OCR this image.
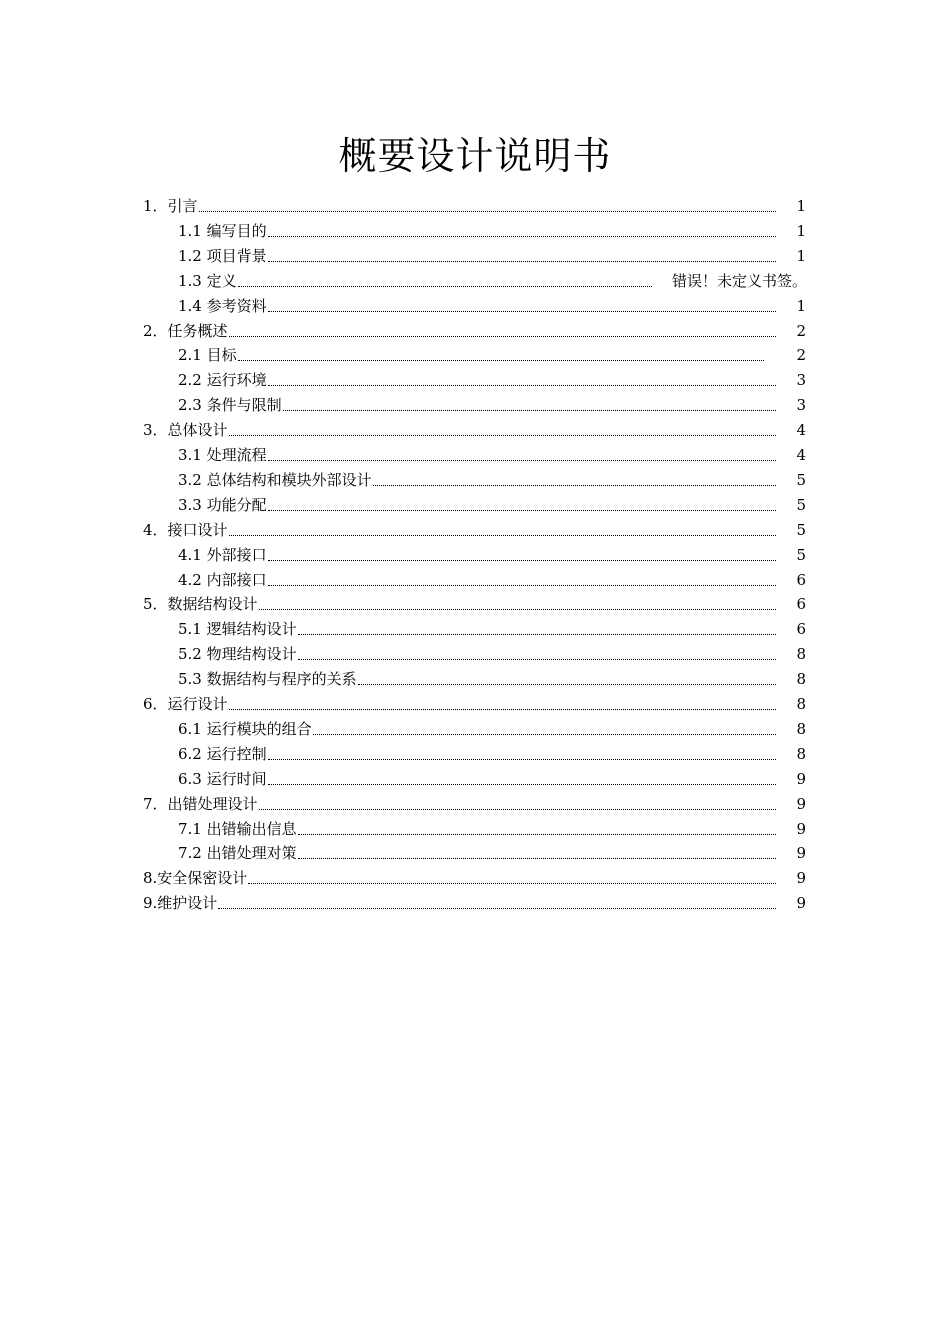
概要设计说明书
1．引言	1
1.1 编写目的	1
1.2 项目背景	1
1.3 定义	错误！未定义书签。
1.4 参考资料	1
2．任务概述	2
2.1 目标	2
2.2 运行环境	3
2.3 条件与限制	3
3．总体设计	4
3.1 处理流程	4
3.2 总体结构和模块外部设计	5
3.3 功能分配	5
4．接口设计	5
4.1 外部接口	5
4.2 内部接口	6
5．数据结构设计	6
5.1 逻辑结构设计	6
5.2 物理结构设计	8
5.3 数据结构与程序的关系	8
6．运行设计	8
6.1 运行模块的组合	8
6.2 运行控制	8
6.3 运行时间	9
7．出错处理设计	9
7.1 出错输出信息	9
7.2 出错处理对策	9
8.安全保密设计	9
9.维护设计	9
